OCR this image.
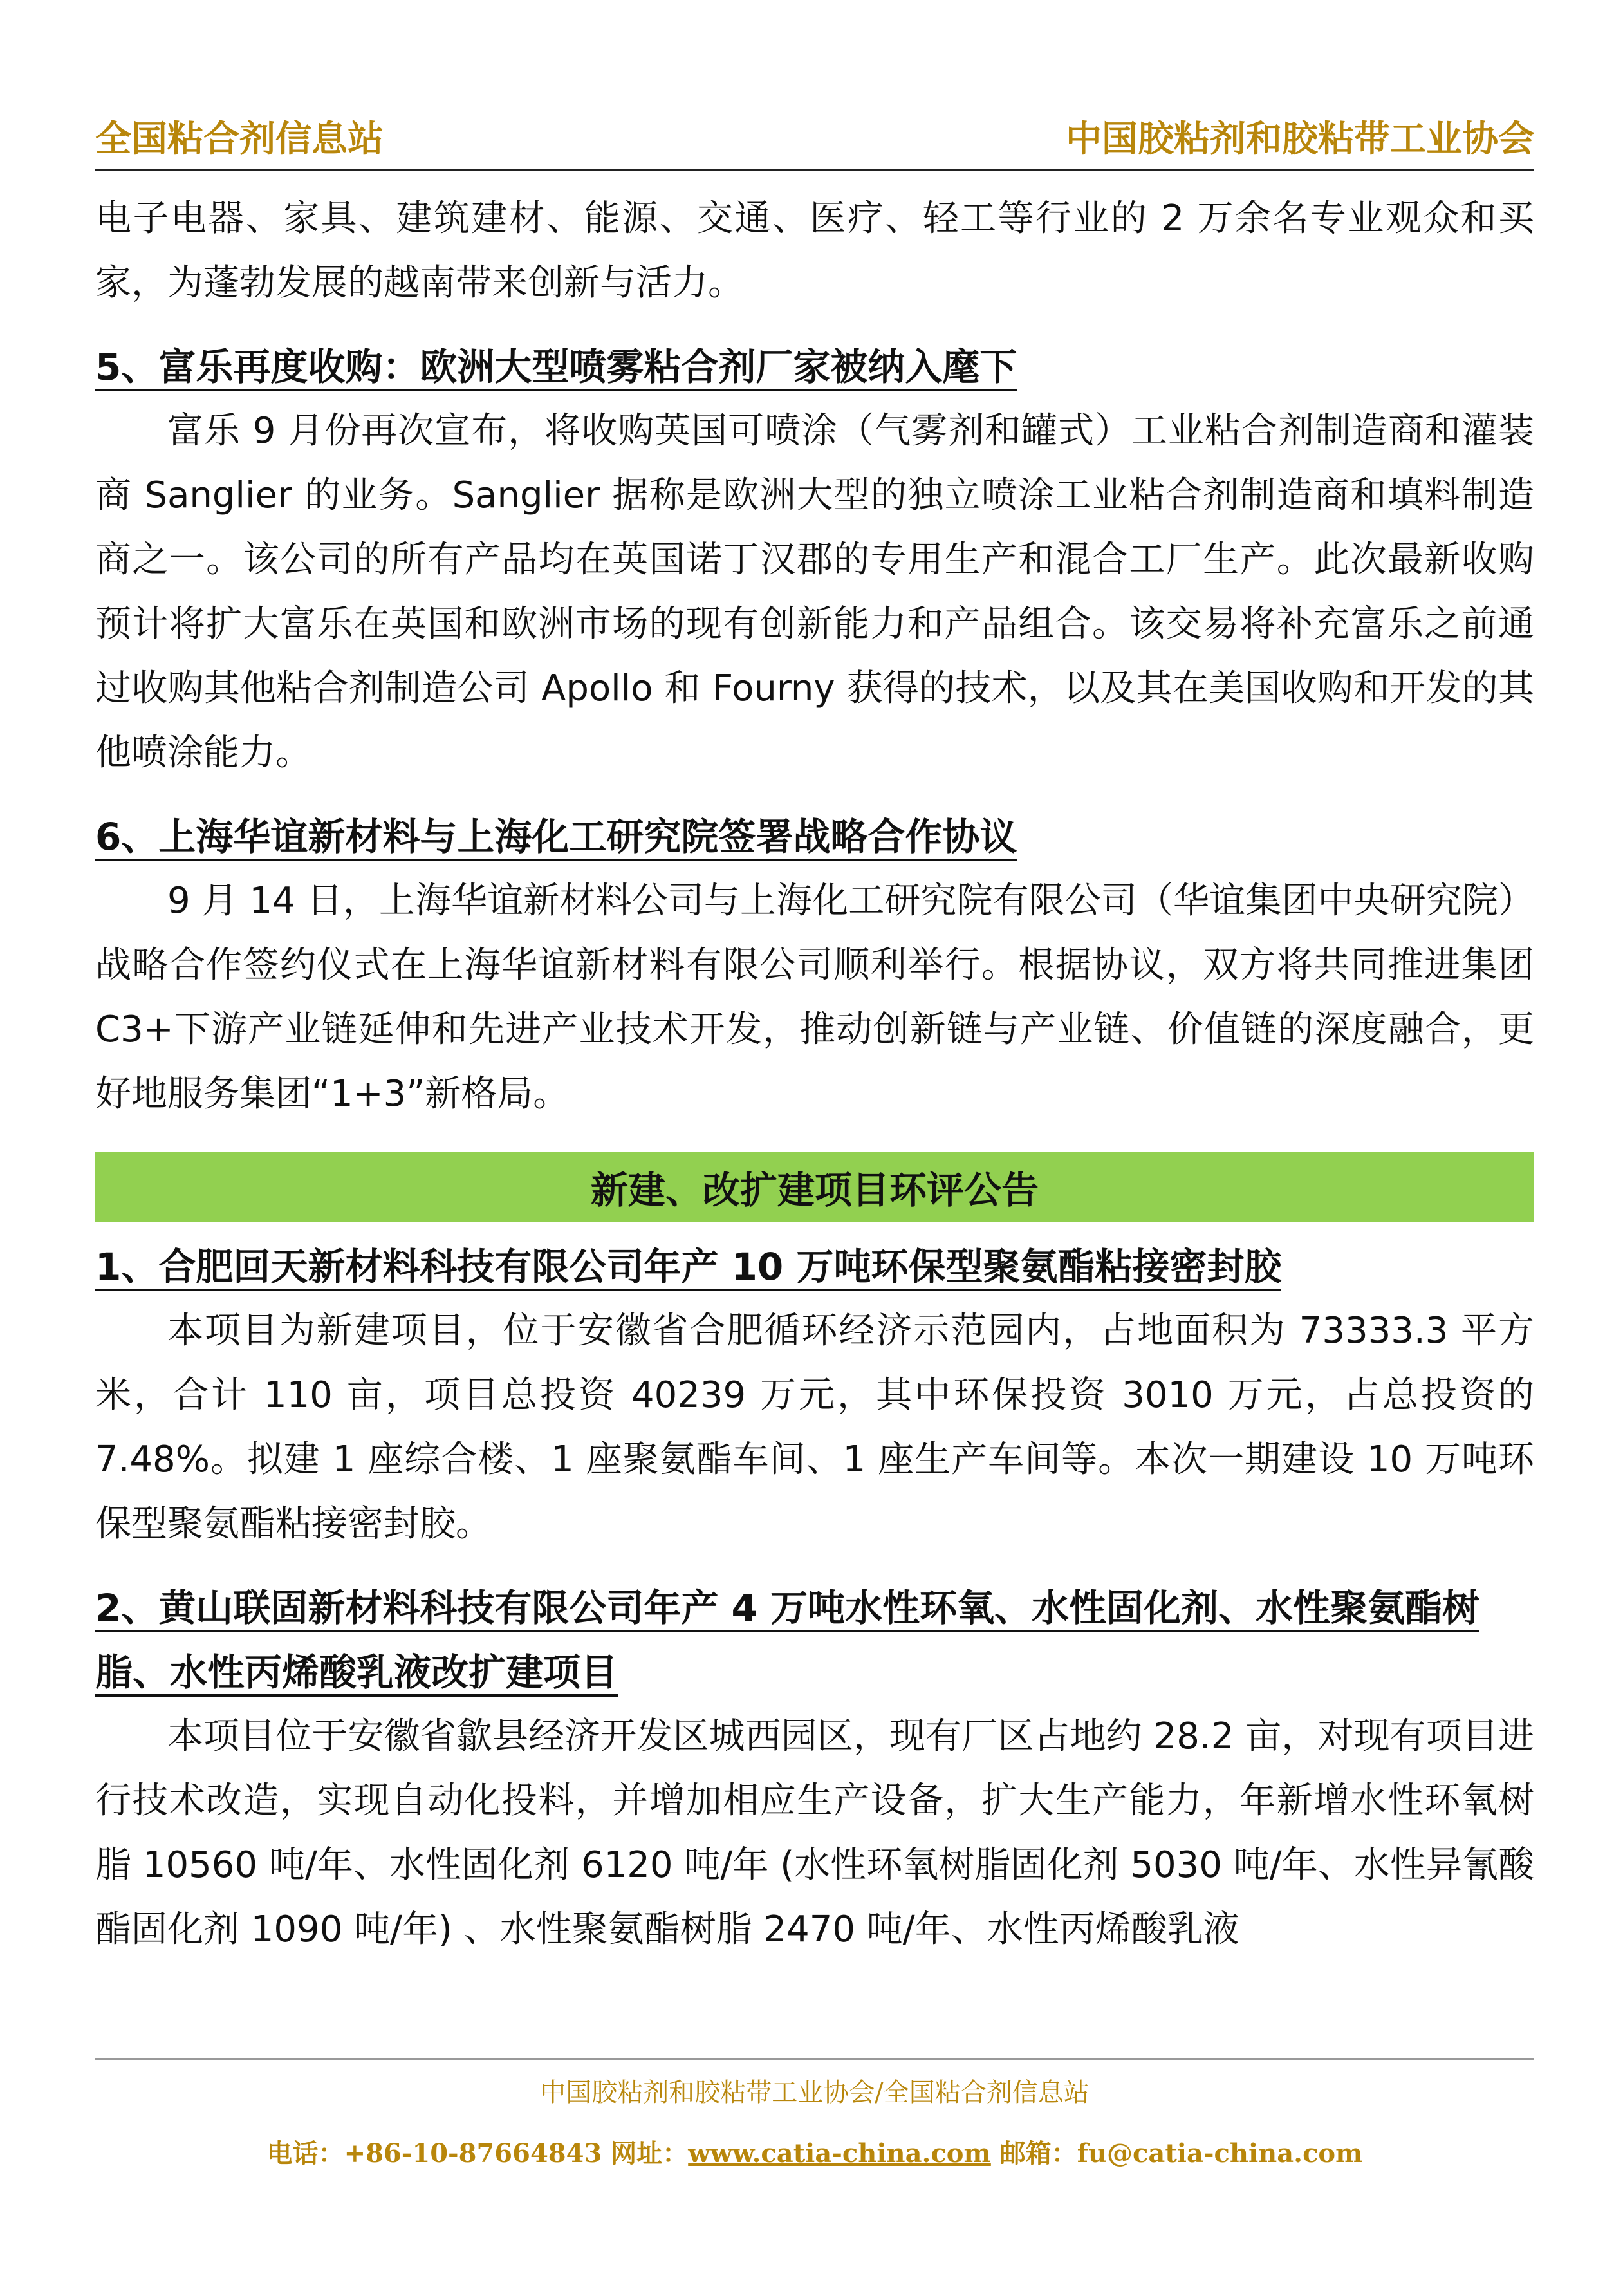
全国粘合剂信息站	中国胶粘剂和胶粘带工业协会

电子电器、家具、建筑建材、能源、交通、医疗、轻工等行业的 2 万余名专业观众和买家，为蓬勃发展的越南带来创新与活力。

5、富乐再度收购：欧洲大型喷雾粘合剂厂家被纳入麾下

富乐 9 月份再次宣布，将收购英国可喷涂（气雾剂和罐式）工业粘合剂制造商和灌装商 Sanglier 的业务。Sanglier 据称是欧洲大型的独立喷涂工业粘合剂制造商和填料制造商之一。该公司的所有产品均在英国诺丁汉郡的专用生产和混合工厂生产。此次最新收购预计将扩大富乐在英国和欧洲市场的现有创新能力和产品组合。该交易将补充富乐之前通过收购其他粘合剂制造公司 Apollo 和 Fourny 获得的技术，以及其在美国收购和开发的其他喷涂能力。

6、上海华谊新材料与上海化工研究院签署战略合作协议

9 月 14 日，上海华谊新材料公司与上海化工研究院有限公司（华谊集团中央研究院）战略合作签约仪式在上海华谊新材料有限公司顺利举行。根据协议，双方将共同推进集团 C3+下游产业链延伸和先进产业技术开发，推动创新链与产业链、价值链的深度融合，更好地服务集团“1+3”新格局。

新建、改扩建项目环评公告
1、合肥回天新材料科技有限公司年产 10 万吨环保型聚氨酯粘接密封胶

本项目为新建项目，位于安徽省合肥循环经济示范园内，占地面积为 73333.3 平方米，合计 110 亩，项目总投资 40239 万元，其中环保投资 3010 万元，占总投资的 7.48%。拟建 1 座综合楼、1 座聚氨酯车间、1 座生产车间等。本次一期建设 10 万吨环保型聚氨酯粘接密封胶。

2、黄山联固新材料科技有限公司年产 4 万吨水性环氧、水性固化剂、水性聚氨酯树脂、水性丙烯酸乳液改扩建项目

本项目位于安徽省歙县经济开发区城西园区，现有厂区占地约 28.2 亩，对现有项目进行技术改造，实现自动化投料，并增加相应生产设备，扩大生产能力，年新增水性环氧树脂 10560 吨/年、水性固化剂 6120 吨/年 (水性环氧树脂固化剂 5030 吨/年、水性异氰酸酯固化剂 1090 吨/年) 、水性聚氨酯树脂 2470 吨/年、水性丙烯酸乳液

中国胶粘剂和胶粘带工业协会/全国粘合剂信息站
电话：+86-10-87664843 网址：www.catia-china.com 邮箱：fu@catia-china.com
